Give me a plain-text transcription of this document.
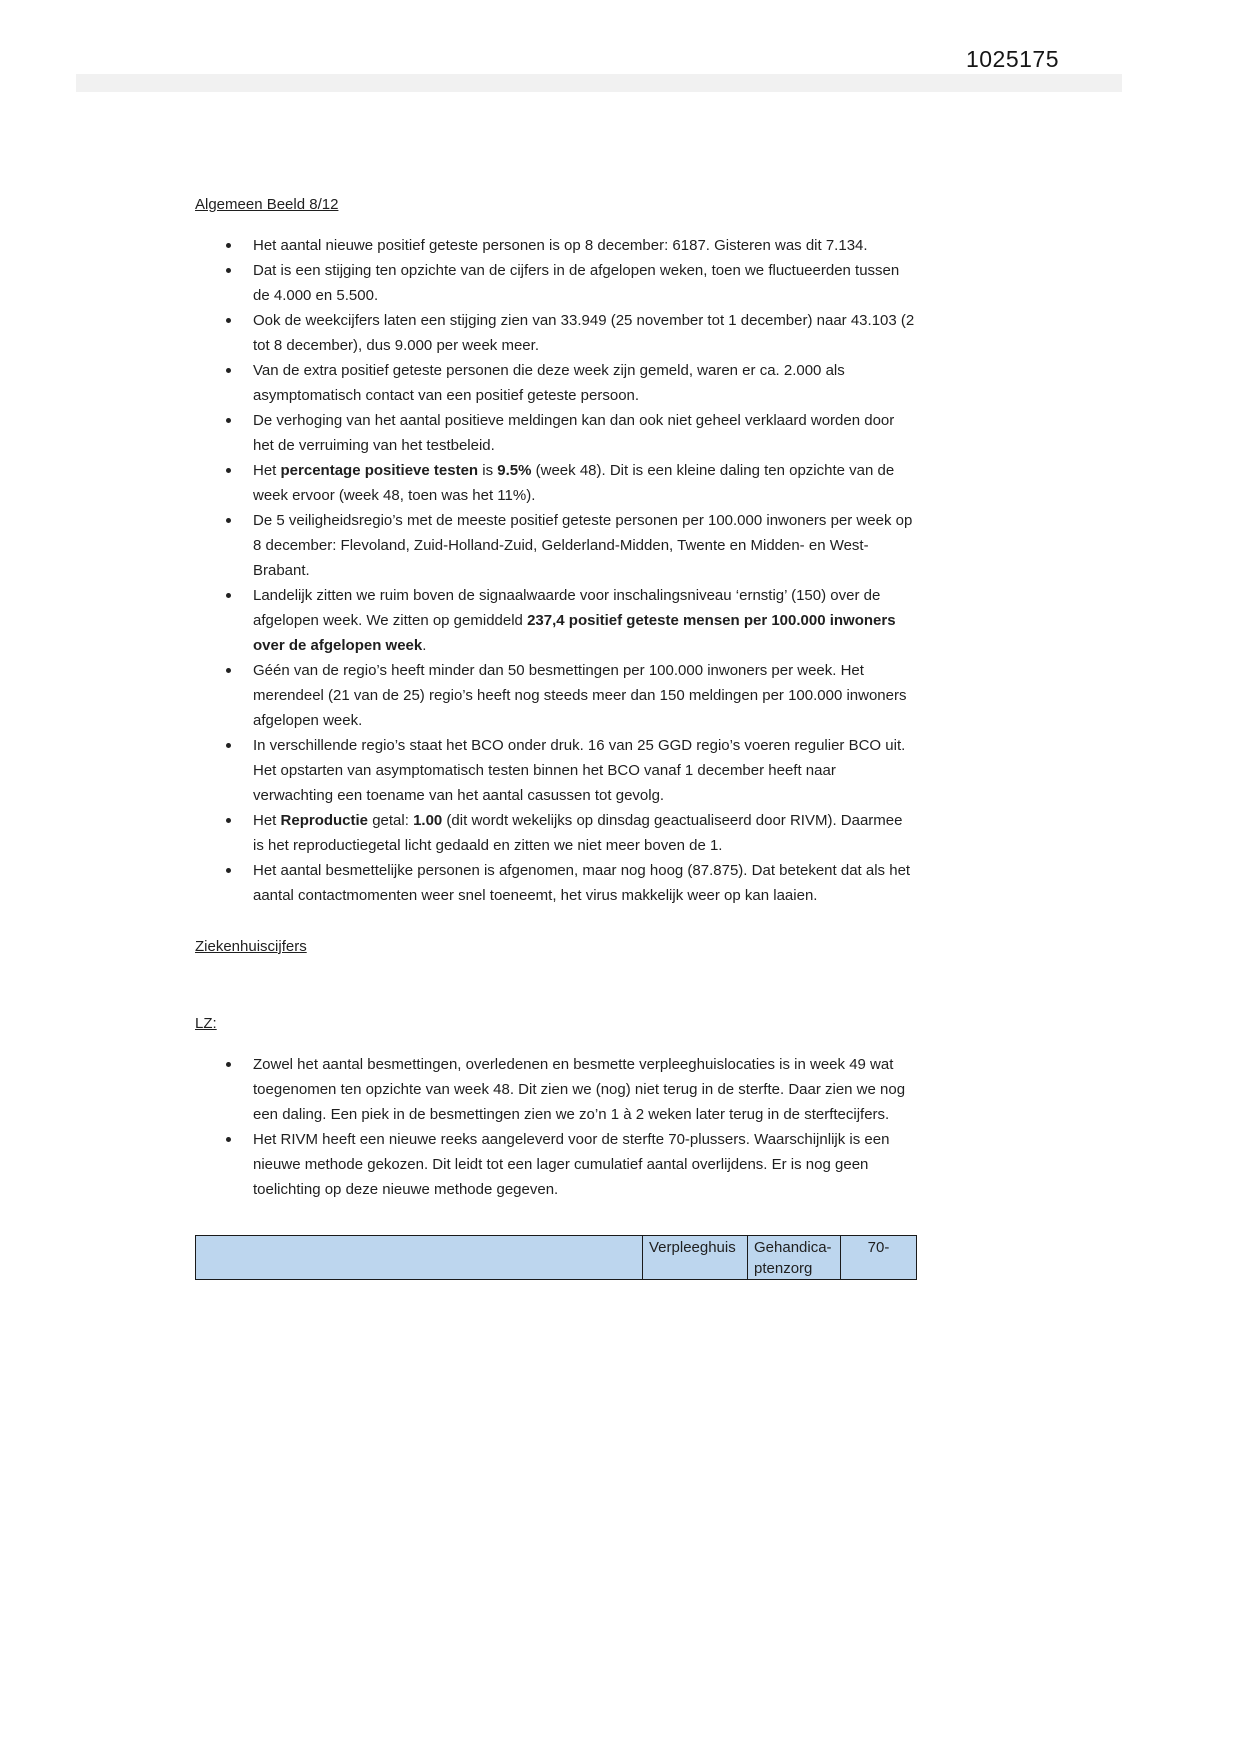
1025175
Algemeen Beeld 8/12
Het aantal nieuwe positief geteste personen is op 8 december: 6187. Gisteren was dit 7.134.
Dat is een stijging ten opzichte van de cijfers in de afgelopen weken, toen we fluctueerden tussen de 4.000 en 5.500.
Ook de weekcijfers laten een stijging zien van 33.949 (25 november tot 1 december) naar 43.103 (2 tot 8 december), dus 9.000 per week meer.
Van de extra positief geteste personen die deze week zijn gemeld, waren er ca. 2.000 als asymptomatisch contact van een positief geteste persoon.
De verhoging van het aantal positieve meldingen kan dan ook niet geheel verklaard worden door het de verruiming van het testbeleid.
Het percentage positieve testen is 9.5% (week 48). Dit is een kleine daling ten opzichte van de week ervoor (week 48, toen was het 11%).
De 5 veiligheidsregio’s met de meeste positief geteste personen per 100.000 inwoners per week op 8 december: Flevoland, Zuid-Holland-Zuid, Gelderland-Midden, Twente en Midden- en West-Brabant.
Landelijk zitten we ruim boven de signaalwaarde voor inschalingsniveau ‘ernstig’ (150) over de afgelopen week. We zitten op gemiddeld 237,4 positief geteste mensen per 100.000 inwoners over de afgelopen week.
Géén van de regio’s heeft minder dan 50 besmettingen per 100.000 inwoners per week. Het merendeel (21 van de 25) regio’s heeft nog steeds meer dan 150 meldingen per 100.000 inwoners afgelopen week.
In verschillende regio’s staat het BCO onder druk. 16 van 25 GGD regio’s voeren regulier BCO uit. Het opstarten van asymptomatisch testen binnen het BCO vanaf 1 december heeft naar verwachting een toename van het aantal casussen tot gevolg.
Het Reproductie getal: 1.00 (dit wordt wekelijks op dinsdag geactualiseerd door RIVM). Daarmee is het reproductiegetal licht gedaald en zitten we niet meer boven de 1.
Het aantal besmettelijke personen is afgenomen, maar nog hoog (87.875). Dat betekent dat als het aantal contactmomenten weer snel toeneemt, het virus makkelijk weer op kan laaien.
Ziekenhuiscijfers
LZ:
Zowel het aantal besmettingen, overledenen en besmette verpleeghuislocaties is in week 49 wat toegenomen ten opzichte van week 48. Dit zien we (nog) niet terug in de sterfte. Daar zien we nog een daling. Een piek in de besmettingen zien we zo’n 1 à 2 weken later terug in de sterftecijfers.
Het RIVM heeft een nieuwe reeks aangeleverd voor de sterfte 70-plussers. Waarschijnlijk is een nieuwe methode gekozen. Dit leidt tot een lager cumulatief aantal overlijdens. Er is nog geen toelichting op deze nieuwe methode gegeven.
Verpleeghuis	Gehandica-
ptenzorg
70-
